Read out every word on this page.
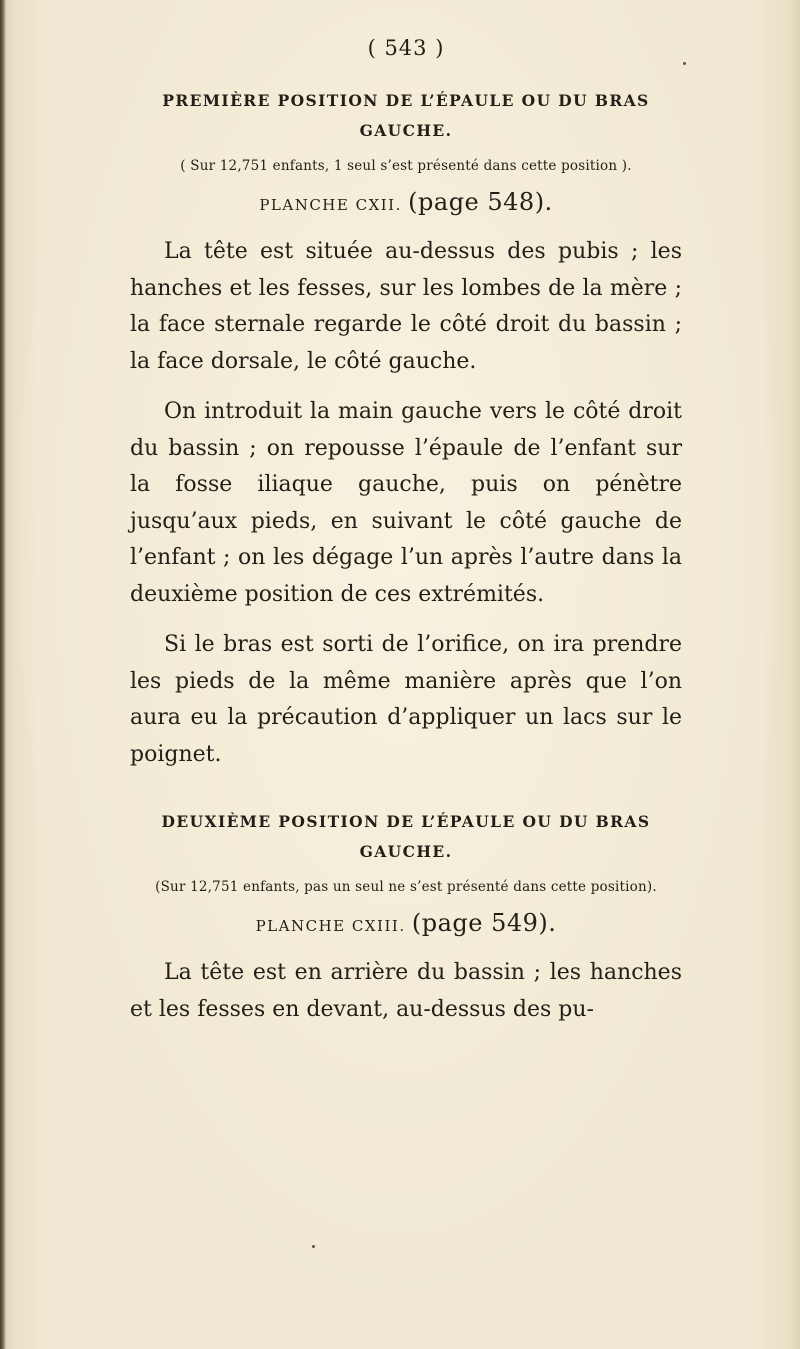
( 543 )
PREMIÈRE POSITION DE L’ÉPAULE OU DU BRAS
GAUCHE.
( Sur 12,751 enfants, 1 seul s’est présenté dans cette position ).
PLANCHE CXII. (page 548).

La tête est située au-dessus des pubis ; les hanches et les fesses, sur les lombes de la mère ; la face sternale regarde le côté droit du bassin ; la face dorsale, le côté gauche.

On introduit la main gauche vers le côté droit du bassin ; on repousse l’épaule de l’enfant sur la fosse iliaque gauche, puis on pénètre jusqu’aux pieds, en suivant le côté gauche de l’enfant ; on les dégage l’un après l’autre dans la deuxième position de ces extrémités.

Si le bras est sorti de l’orifice, on ira prendre les pieds de la même manière après que l’on aura eu la précaution d’appliquer un lacs sur le poignet.

DEUXIÈME POSITION DE L’ÉPAULE OU DU BRAS
GAUCHE.
(Sur 12,751 enfants, pas un seul ne s’est présenté dans cette position).
PLANCHE CXIII. (page 549).

La tête est en arrière du bassin ; les hanches et les fesses en devant, au-dessus des pu-
